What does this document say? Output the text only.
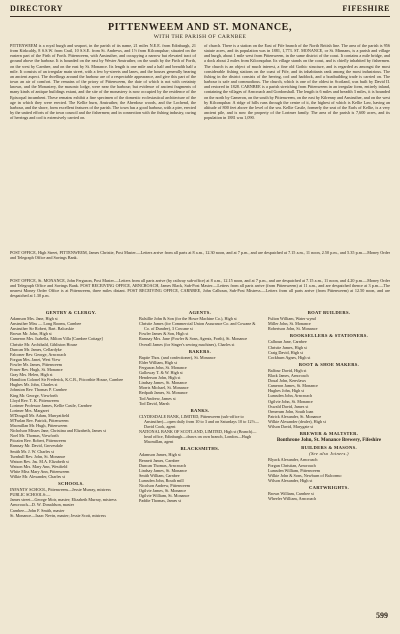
DIRECTORY	FIFESHIRE
PITTENWEEM AND ST. MONANCE,
WITH THE PARISH OF CARNBEE
PITTENWEEM is a royal burgh and seaport, in the parish of its name, 21 miles N.E.E. from Edinburgh, 21 from Kirkcaldy, 8 S.S.W. from Crail, 10 S.S.E. from St. Andrews, and 1½ from Kilconquhar; situated on the eastern part of the Firth of Forth. Pittenweem, with Anstruther, and occupying a narrow but elevated tract of ground above the harbour. It is bounded on the east by Wester Anstruther, on the south by the Firth of Forth, on the west by Carnbee, and on the east by St. Monance. Its length is one mile and a half and breadth half a mile. It consists of an irregular main street, with a few by-streets and lanes, and the houses generally bearing an ancient aspect. The dwellings around the harbour are of a respectable appearance, and give this part of the town an air of comfort. The remains of the priory of Pittenweem, the date of which is not with certainty known, and the Monastery, the masonic lodge, were near the harbour; but evidence of ancient fragments of many kinds of antique buildings extant, and the site of the monastery is now occupied by the residence of the Episcopal incumbent. These remains exhibit a fine specimen of the domestic ecclesiastical architecture of the age in which they were erected. The Kellie burn, Anstruther, the Aberdour woods, and the Lochend, the harbour, and the shore, form excellent features of the parish. The town has a good harbour, with a pier, erected by the united efforts of the town council and the fishermen; and in connection with the fishing industry, curing of herrings and cod is extensively carried on.
of church. There is a station on the East of Fife branch of the North British line. The area of the parish is 956 statute acres, and its population was in 1881, 1,773. ST. MONANCE, or St. Minnans, is a parish and village and burgh, about 1 mile west from Pittenweem, in the same district of the coast. It contains a mile bridge, and a dock about 2 miles from Kilconquhar. Its village stands on the coast, and is chiefly inhabited by fishermen. The church is an object of much interest, a fine old Gothic structure, and is regarded as amongst the most considerable fishing stations on the coast of Fife, and its inhabitants rank among the most industrious. The fishing in the district consists of the herring, cod and haddock, and a boatbuilding trade is carried on. The harbour is safe and commodious. The church, which is one of the oldest in Scotland, was built by David II. and restored in 1828. CARNBEE is a parish stretching from Pittenweem in an irregular form, entirely inland, containing the villages of Arncroach and Gordonshall. The length is 6 miles and breadth 3 miles, it is bounded on the north by Cameron, on the south by Pittenweem, on the east by Kilrenny and Anstruther, and on the west by Kilconquhar. A ridge of hills runs through the centre of it, the highest of which is Kellie Law, having an altitude of 800 feet above the level of the sea. Kellie Castle, formerly the seat of the Earls of Kellie, is a very ancient pile, and is now the property of the Lorimer family. The area of the parish is 7,600 acres, and its population in 1881 was 1,090.
POST OFFICE, High Street, PITTENWEEM, James Christie, Post Master.—Letters arrive from all parts at 8 a.m., 12.30 noon, and at 7 p.m., and are despatched at 7.15 a.m., 11 noon, 2.50 p.m., and 5.35 p.m.—Money Order and Telegraph Office and Savings Bank.
POST OFFICE, St. MONANCE, John Ferguson, Post Master.—Letters from all parts arrive (by railway sub-office) at 8 a.m., 12.15 noon, and at 7 p.m., and are despatched at 7.15 a.m., 11 noon, and 4.20 p.m.—Money Order and Telegraph Office and Savings Bank. POST RECEIVING OFFICE, ARNCROACH, James Black, Sub-Post Master.—Letters from all parts arrive (from Pittenweem) at 11 a.m., and are despatched thence at 3 p.m.—The nearest Money Order Office is at Pittenweem, three miles distant. POST RECEIVING OFFICE, CARNBEE, John Calhoun, Sub-Post Mistress.—Letters from all parts arrive (from Pittenweem) at 12.50 noon, and are despatched at 1.30 p.m.
GENTRY & CLERGY.
Adamson Mrs. Jane, High st
Anstruther Miss — Long Rooms, Carnbee
Anstruther Sir Robert, Bart. Balcaskie
Brown Mr. John, High st
Cameron Mrs. Isabella, Milton Villa [Carnbee Cottage]
Christie Mr. Archibald, Gibliston House
Duncan Mr. James, Cellardyke
Falconer Rev. George, Arncroach
Forgan Mrs. Janet, West View
Fowler Mr. James, Pittenweem
Fraser Rev. Hugh, St. Monance
Gray Mrs. Helen, High st
Hamilton Colonel Sir Frederick, K.C.B., Pitcorthie House, Carnbee
Hughes Mr. John, Charles st
Johnston Rev. Thomas P. Carnbee
King Mr. George, Viewforth
Lloyd Rev. T. K. Pittenweem
Lorimer Professor James, Kellie Castle, Carnbee
Lorimer Mrs. Margaret
M'Dougall Mr. Adam, Marryatfield
M'Farlan Rev. Patrick, Pittenweem
Macmillan Mr. Hugh, Pittenweem
Nicholson Misses Jane, Christina and Elizabeth, James st
Noel Mr. Thomas, Viewforth
Pitcairn Rev. Robert, Pittenweem
Ramsay Mr. David, Grovesdale
Smith Mr. J. W. Charles st
Turnbull Rev. John, St. Monance
Watson Rev. Jas. M.A. Elizabeth st
Watson Mrs. Mary Ann, Westfield
White Miss Mary Ann, Pittenweem
Wilkie Mr. Alexander, Charles st
SCHOOLS.
INFANTS' SCHOOL, Pittenweem—Jessie Murray, mistress
PUBLIC SCHOOLS:—
James street—George Moir, master; Elizabeth Murray, mistress
Arncroach—D. W. Donaldson, master
Carnbee—John F. Smith, master
St. Monance—Isaac Nevin, master; Jessie Scott, mistress
AGENTS.
Balsillie John & Son (for the Howe Machine Co.), High st
Christie James (for Commercial Union Assurance Co. and Cowane & Co. of Dundee), 3 Cowane st
Fowler James & Son, High st
Ramsay Mrs. Jane (Fowler & Sons, Agents, Forth), St. Monance
Overall James (for Singer's sewing machines), Charles st
BAKERS.
Baptie Thos. (and confectioner), St. Monance
Elder William, High st
Ferguson John, St. Monance
Galloway T. & W. High st
Henderson John, High st
Lindsay James, St. Monance
Morris Michael, St. Monance
Redpath James, St. Monance
Tod Andrew, James st
Tod David, Marsh
BANKS.
CLYDESDALE BANK, LIMITED, Pittenweem (sub-office to Anstruther)—open daily from 10 to 3 and on Saturdays 10 to 12½—David Cook, agent
NATIONAL BANK OF SCOTLAND, LIMITED, High st (Branch)—head office, Edinburgh—draws on own branch, London—Hugh Macmillan, agent
BLACKSMITHS.
Adamson James, High st
Bennett James, Carnbee
Duncan Thomas, Arncroach
Lindsay James, St. Monance
Smith William, Carnbee
Lumsden John, Routh mill
Nicolson Andrew, Pittenweem
Ogilvie James, St. Monance
Ogilvie William, St. Monance
Paddie Thomas, James st
BOAT BUILDERS.
Fulton William, Water wynd
Miller John, St. Monance
Robertson John, St. Monance
BOOKSELLERS & STATIONERS.
Calhoun Jane, Carnbee
Christie James, High st
Craig David, High st
Cockburn Agnes, High st
BOOT & SHOE MAKERS.
Balfour David, High st
Black James, Arncroach
Doual John, Kenvlaws
Cameron James, St. Monance
Hughes John, High st
Lumsden John, Arncroach
Ogilvie John, St. Monance
Oswald David, James st
Ormerum John, South loan
Patrick Alexander, St. Monance
Wilkie Alexander (dealer), High st
Wilson David, Marygate st
BREWER & MALTSTER.
Bonthrone John, St. Monance Brewery, Fifeshire
BUILDERS & MASONS.
(See also Joiners.)
Blyack Alexander, Arncroach
Forgan Christian, Arncroach
Lumsden William, Pittenweem
Wilkie John & Sons, Newburn of Balcormo
Wilson Alexander, High st
CARTWRIGHTS.
Brown William, Carnbee st
Wheeler William, Arncroach
599
